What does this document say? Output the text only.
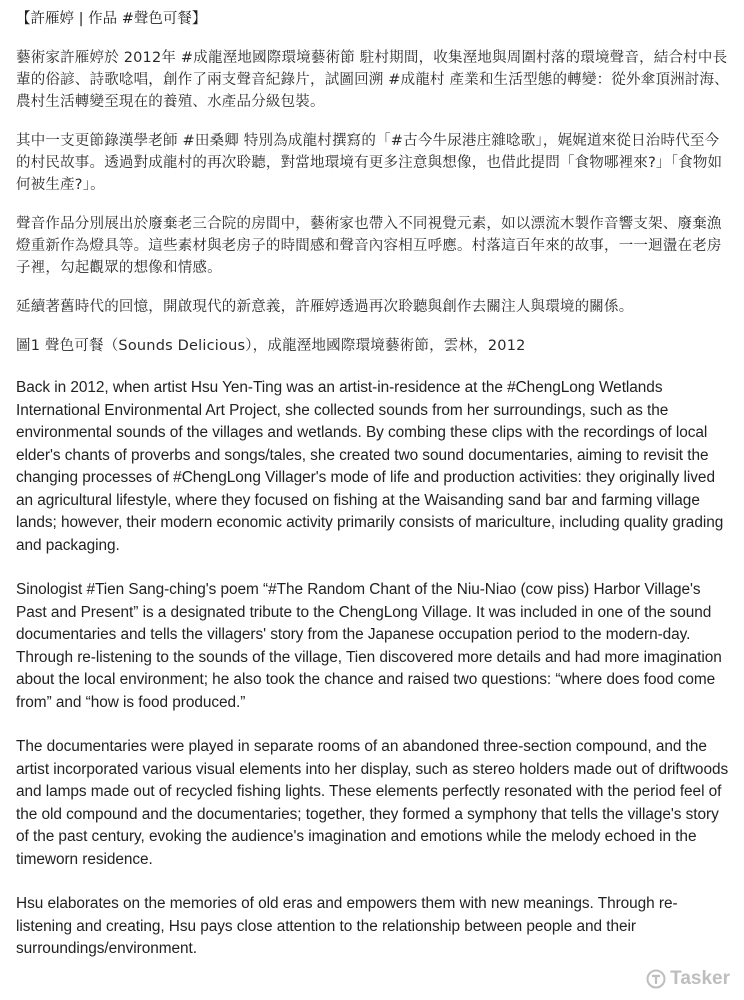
【許雁婷 | 作品 #聲色可餐】

藝術家許雁婷於 2012年 #成龍溼地國際環境藝術節 駐村期間，收集溼地與周圍村落的環境聲音，結合村中長輩的俗諺、詩歌唸唱，創作了兩支聲音紀錄片，試圖回溯 #成龍村 產業和生活型態的轉變：從外傘頂洲討海、農村生活轉變至現在的養殖、水產品分級包裝。

其中一支更節錄漢學老師 #田桑卿 特別為成龍村撰寫的「#古今牛尿港庄雜唸歌」，娓娓道來從日治時代至今的村民故事。透過對成龍村的再次聆聽，對當地環境有更多注意與想像，也借此提問「食物哪裡來?」「食物如何被生產?」。

聲音作品分別展出於廢棄老三合院的房間中，藝術家也帶入不同視覺元素，如以漂流木製作音響支架、廢棄漁燈重新作為燈具等。這些素材與老房子的時間感和聲音內容相互呼應。村落這百年來的故事，一一迴盪在老房子裡，勾起觀眾的想像和情感。

延續著舊時代的回憶，開啟現代的新意義，許雁婷透過再次聆聽與創作去關注人與環境的關係。

圖1 聲色可餐（Sounds Delicious），成龍溼地國際環境藝術節，雲林，2012

Back in 2012, when artist Hsu Yen-Ting was an artist-in-residence at the #ChengLong Wetlands International Environmental Art Project, she collected sounds from her surroundings, such as the environmental sounds of the villages and wetlands. By combing these clips with the recordings of local elder's chants of proverbs and songs/tales, she created two sound documentaries, aiming to revisit the changing processes of #ChengLong Villager's mode of life and production activities: they originally lived an agricultural lifestyle, where they focused on fishing at the Waisanding sand bar and farming village lands; however, their modern economic activity primarily consists of mariculture, including quality grading and packaging.

Sinologist #Tien Sang-ching's poem “#The Random Chant of the Niu-Niao (cow piss) Harbor Village's Past and Present” is a designated tribute to the ChengLong Village. It was included in one of the sound documentaries and tells the villagers' story from the Japanese occupation period to the modern-day. Through re-listening to the sounds of the village, Tien discovered more details and had more imagination about the local environment; he also took the chance and raised two questions: “where does food come from” and “how is food produced.”

The documentaries were played in separate rooms of an abandoned three-section compound, and the artist incorporated various visual elements into her display, such as stereo holders made out of driftwoods and lamps made out of recycled fishing lights. These elements perfectly resonated with the period feel of the old compound and the documentaries; together, they formed a symphony that tells the village's story of the past century, evoking the audience's imagination and emotions while the melody echoed in the timeworn residence.

Hsu elaborates on the memories of old eras and empowers them with new meanings. Through re-listening and creating, Hsu pays close attention to the relationship between people and their surroundings/environment.

Tasker
